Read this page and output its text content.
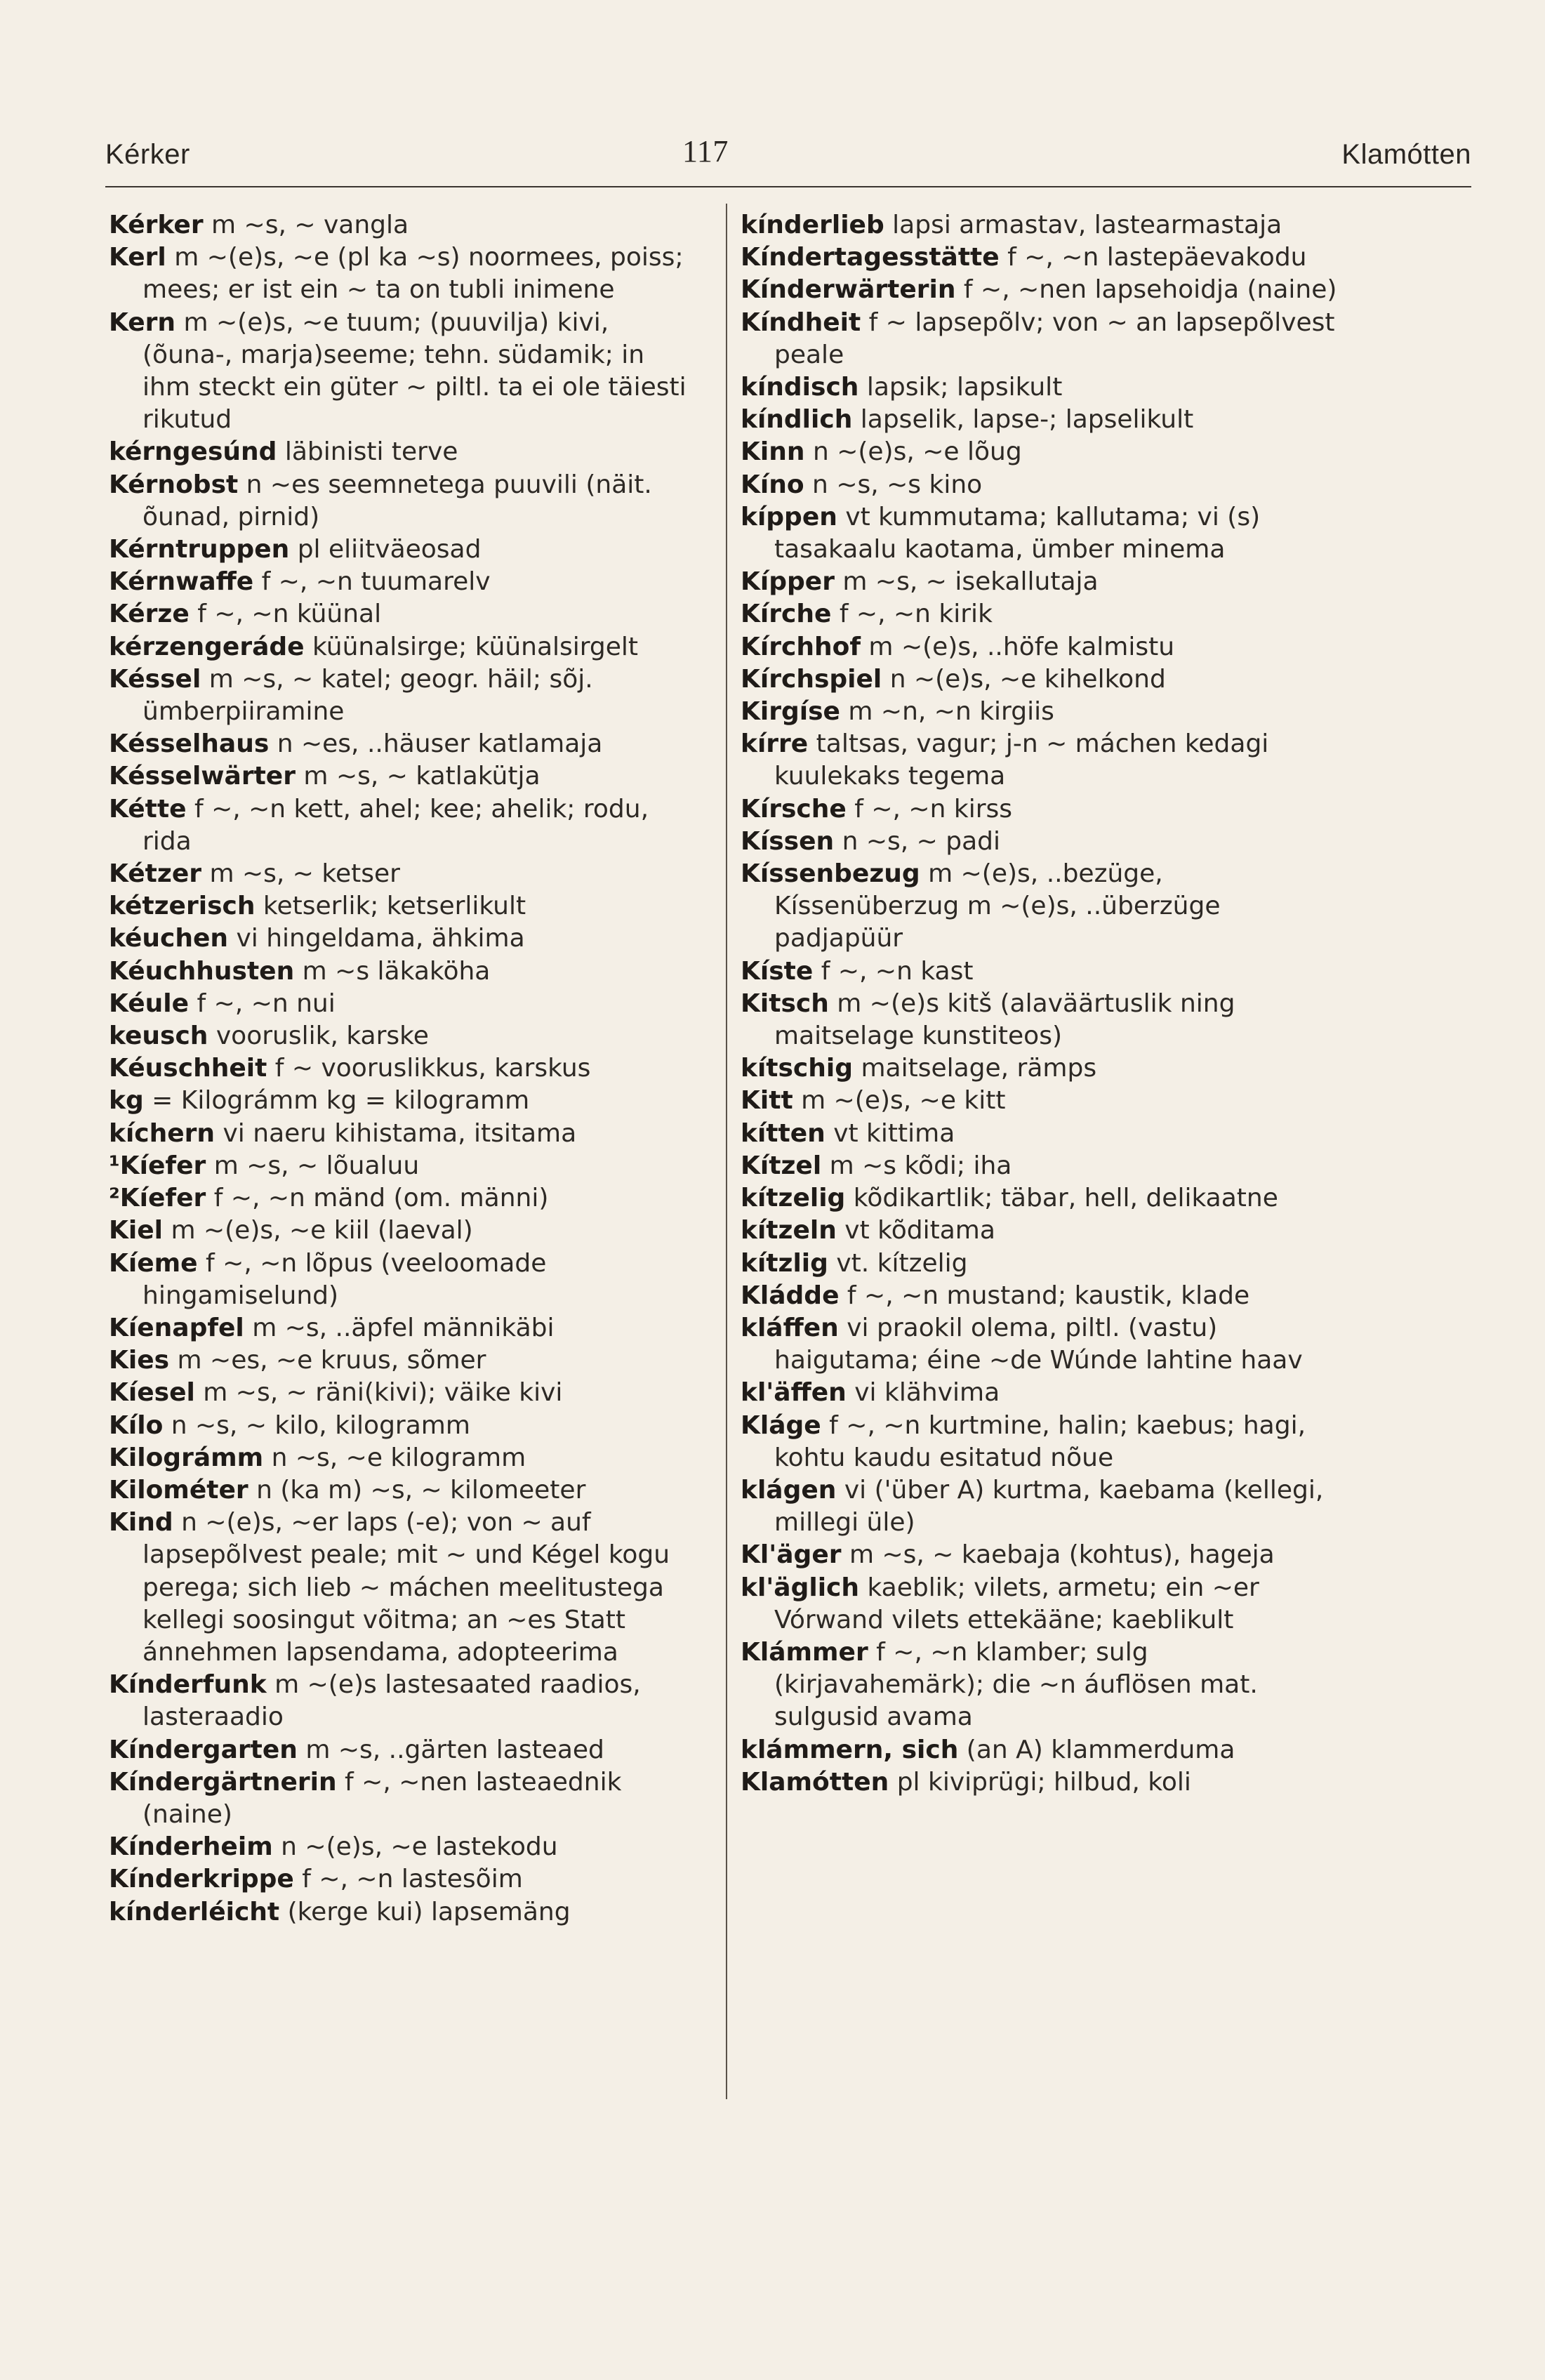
Kérker	117	Klamótten
Kérker m ~s, ~ vangla
Kerl m ~(e)s, ~e (pl ka ~s) noormees, poiss; mees; er ist ein ~ ta on tubli inimene
Kern m ~(e)s, ~e tuum; (puuvilja) kivi, (õuna-, marja)seeme; tehn. südamik; in ihm steckt ein güter ~ piltl. ta ei ole täiesti rikutud
kérngesúnd läbinisti terve
Kérnobst n ~es seemnetega puuvili (näit. õunad, pirnid)
Kérntruppen pl eliitväeosad
Kérnwaffe f ~, ~n tuumarelv
Kérze f ~, ~n küünal
kérzengeráde küünalsirge; küünalsirgelt
Késsel m ~s, ~ katel; geogr. häil; sõj. ümberpiiramine
Késselhaus n ~es, ..häuser katlamaja
Késselwärter m ~s, ~ katlakütja
Kétte f ~, ~n kett, ahel; kee; ahelik; rodu, rida
Kétzer m ~s, ~ ketser
kétzerisch ketserlik; ketserlikult
kéuchen vi hingeldama, ähkima
Kéuchhusten m ~s läkaköha
Kéule f ~, ~n nui
keusch vooruslik, karske
Kéuschheit f ~ vooruslikkus, karskus
kg = Kilográmm kg = kilogramm
kíchern vi naeru kihistama, itsitama
¹Kíefer m ~s, ~ lõualuu
²Kíefer f ~, ~n mänd (om. männi)
Kiel m ~(e)s, ~e kiil (laeval)
Kíeme f ~, ~n lõpus (veeloomade hingamiselund)
Kíenapfel m ~s, ..äpfel männikäbi
Kies m ~es, ~e kruus, sõmer
Kíesel m ~s, ~ räni(kivi); väike kivi
Kílo n ~s, ~ kilo, kilogramm
Kilográmm n ~s, ~e kilogramm
Kilométer n (ka m) ~s, ~ kilomeeter
Kind n ~(e)s, ~er laps (-e); von ~ auf lapsepõlvest peale; mit ~ und Kégel kogu perega; sich lieb ~ máchen meelitustega kellegi soosingut võitma; an ~es Statt ánnehmen lapsendama, adopteerima
Kínderfunk m ~(e)s lastesaated raadios, lasteraadio
Kíndergarten m ~s, ..gärten lasteaed
Kíndergärtnerin f ~, ~nen lasteaednik (naine)
Kínderheim n ~(e)s, ~e lastekodu
Kínderkrippe f ~, ~n lastesõim
kínderléicht (kerge kui) lapsemäng
kínderlieb lapsi armastav, lastearmastaja
Kíndertagesstätte f ~, ~n lastepäevakodu
Kínderwärterin f ~, ~nen lapsehoidja (naine)
Kíndheit f ~ lapsepõlv; von ~ an lapsepõlvest peale
kíndisch lapsik; lapsikult
kíndlich lapselik, lapse-; lapselikult
Kinn n ~(e)s, ~e lõug
Kíno n ~s, ~s kino
kíppen vt kummutama; kallutama; vi (s) tasakaalu kaotama, ümber minema
Kípper m ~s, ~ isekallutaja
Kírche f ~, ~n kirik
Kírchhof m ~(e)s, ..höfe kalmistu
Kírchspiel n ~(e)s, ~e kihelkond
Kirgíse m ~n, ~n kirgiis
kírre taltsas, vagur; j-n ~ máchen kedagi kuulekaks tegema
Kírsche f ~, ~n kirss
Kíssen n ~s, ~ padi
Kíssenbezug m ~(e)s, ..bezüge, Kíssenüberzug m ~(e)s, ..überzüge padjapüür
Kíste f ~, ~n kast
Kitsch m ~(e)s kitš (alaväärtuslik ning maitselage kunstiteos)
kítschig maitselage, rämps
Kitt m ~(e)s, ~e kitt
kítten vt kittima
Kítzel m ~s kõdi; iha
kítzelig kõdikartlik; täbar, hell, delikaatne
kítzeln vt kõditama
kítzlig vt. kítzelig
Kládde f ~, ~n mustand; kaustik, klade
kláffen vi praokil olema, piltl. (vastu) haigutama; éine ~de Wúnde lahtine haav
kl'äffen vi klähvima
Kláge f ~, ~n kurtmine, halin; kaebus; hagi, kohtu kaudu esitatud nõue
klágen vi ('über A) kurtma, kaebama (kellegi, millegi üle)
Kl'äger m ~s, ~ kaebaja (kohtus), hageja
kl'äglich kaeblik; vilets, armetu; ein ~er Vórwand vilets ettekääne; kaeblikult
Klámmer f ~, ~n klamber; sulg (kirjavahemärk); die ~n áuflösen mat. sulgusid avama
klámmern, sich (an A) klammerduma
Klamótten pl kiviprügi; hilbud, koli
